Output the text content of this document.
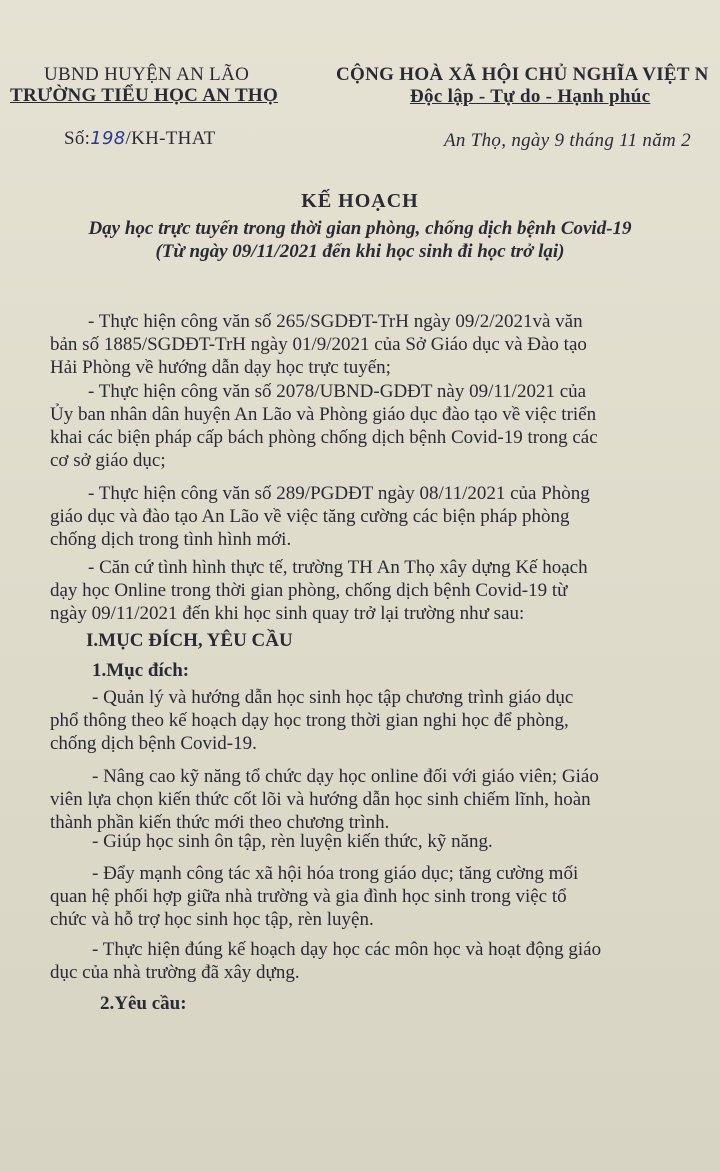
UBND HUYỆN AN LÃO
TRƯỜNG TIỂU HỌC AN THỌ
CỘNG HOÀ XÃ HỘI CHỦ NGHĨA VIỆT N
Độc lập - Tự do - Hạnh phúc
Số:198/KH-THAT	An Thọ, ngày 9 tháng 11 năm 2
KẾ HOẠCH
Dạy học trực tuyến trong thời gian phòng, chống dịch bệnh Covid-19
(Từ ngày 09/11/2021 đến khi học sinh đi học trở lại)
- Thực hiện công văn số 265/SGDĐT-TrH ngày 09/2/2021và văn
bản số 1885/SGDĐT-TrH ngày 01/9/2021 của Sở Giáo dục và Đào tạo
Hải Phòng về hướng dẫn dạy học trực tuyến;
- Thực hiện công văn số 2078/UBND-GDĐT này 09/11/2021 của
Ủy ban nhân dân huyện An Lão và Phòng giáo dục đào tạo về việc triển
khai các biện pháp cấp bách phòng chống dịch bệnh Covid-19 trong các
cơ sở giáo dục;
- Thực hiện công văn số 289/PGDĐT ngày 08/11/2021 của Phòng
giáo dục và đào tạo An Lão về việc tăng cường các biện pháp phòng
chống dịch trong tình hình mới.
- Căn cứ tình hình thực tế, trường TH An Thọ xây dựng Kế hoạch
dạy học Online trong thời gian phòng, chống dịch bệnh Covid-19 từ
ngày 09/11/2021 đến khi học sinh quay trở lại trường như sau:
I.MỤC ĐÍCH, YÊU CẦU
1.Mục đích:
- Quản lý và hướng dẫn học sinh học tập chương trình giáo dục
phổ thông theo kế hoạch dạy học trong thời gian nghi học để phòng,
chống dịch bệnh Covid-19.
- Nâng cao kỹ năng tổ chức dạy học online đối với giáo viên; Giáo
viên lựa chọn kiến thức cốt lõi và hướng dẫn học sinh chiếm lĩnh, hoàn
thành phần kiến thức mới theo chương trình.
- Giúp học sinh ôn tập, rèn luyện kiến thức, kỹ năng.
- Đẩy mạnh công tác xã hội hóa trong giáo dục; tăng cường mối
quan hệ phối hợp giữa nhà trường và gia đình học sinh trong việc tổ
chức và hỗ trợ học sinh học tập, rèn luyện.
- Thực hiện đúng kế hoạch dạy học các môn học và hoạt động giáo
dục của nhà trường đã xây dựng.
2.Yêu cầu:
